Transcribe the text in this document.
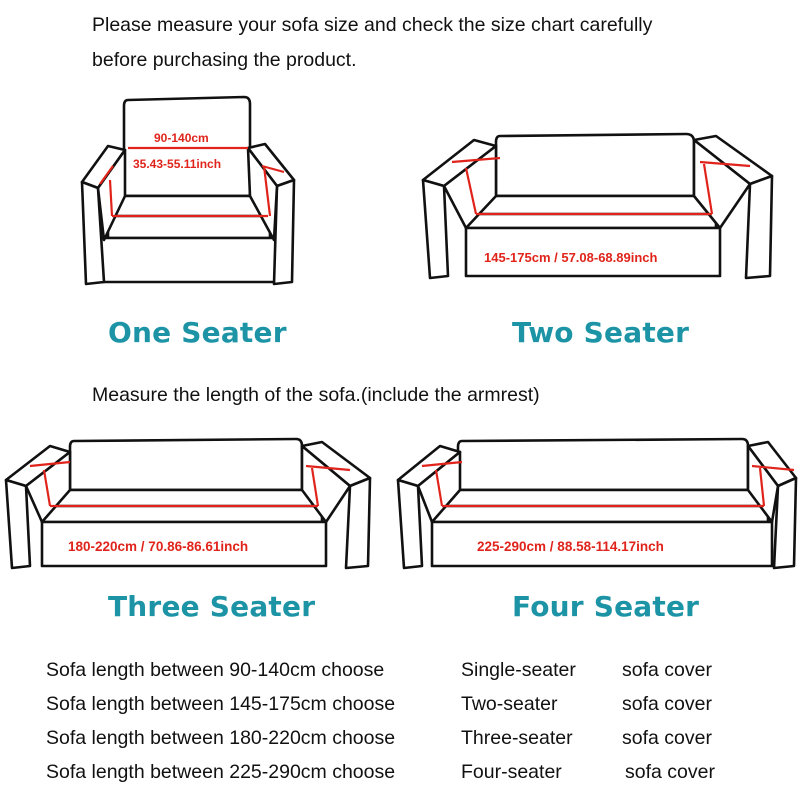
Please measure your sofa size and check the size chart carefully
before purchasing the product.
90-140cm
35.43-55.11inch
One Seater
145-175cm / 57.08-68.89inch
Two Seater
Measure the length of the sofa.(include the armrest)
180-220cm / 70.86-86.61inch
Three Seater
225-290cm / 88.58-114.17inch
Four Seater
Sofa length between 90-140cm choose	Single-seater sofa cover
Sofa length between 145-175cm choose	Two-seater	sofa cover
Sofa length between 180-220cm choose	Three-seater	sofa cover
Sofa length between 225-290cm choose	Four-seater	sofa cover
